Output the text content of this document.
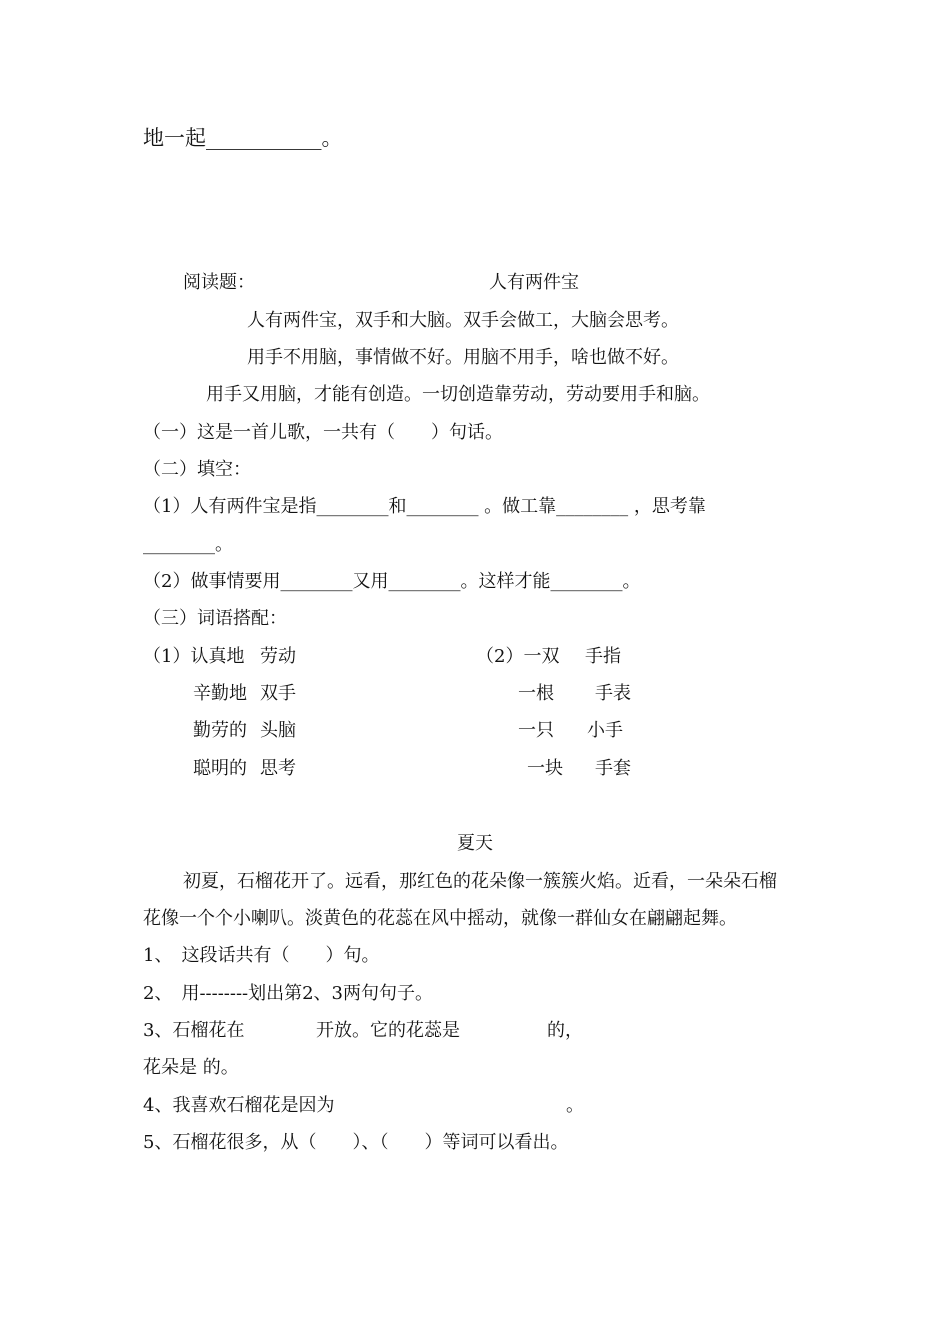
地一起___________。
阅读题：	人有两件宝
人有两件宝，双手和大脑。双手会做工，大脑会思考。
用手不用脑，事情做不好。用脑不用手，啥也做不好。
用手又用脑，才能有创造。一切创造靠劳动，劳动要用手和脑。
（一）这是一首儿歌，一共有（　　）句话。
（二）填空：
（1）人有两件宝是指________和________ 。做工靠________ ，思考靠
________。
（2）做事情要用________又用________。这样才能________。
（三）词语搭配：
（1）认真地 劳动
辛勤地 双手
勤劳的 头脑
聪明的 思考
（2）一双 手指
一根 手表
一只 小手
一块 手套
夏天
初夏，石榴花开了。远看，那红色的花朵像一簇簇火焰。近看，一朵朵石榴
花像一个个小喇叭。淡黄色的花蕊在风中摇动，就像一群仙女在翩翩起舞。
1、　这段话共有（　　）句。
2、　用--------划出第2、3两句句子。
3、石榴花在	开放。它的花蕊是	的，
花朵是 的。
4、我喜欢石榴花是因为	。
5、石榴花很多，从（　　）、（　　）等词可以看出。
